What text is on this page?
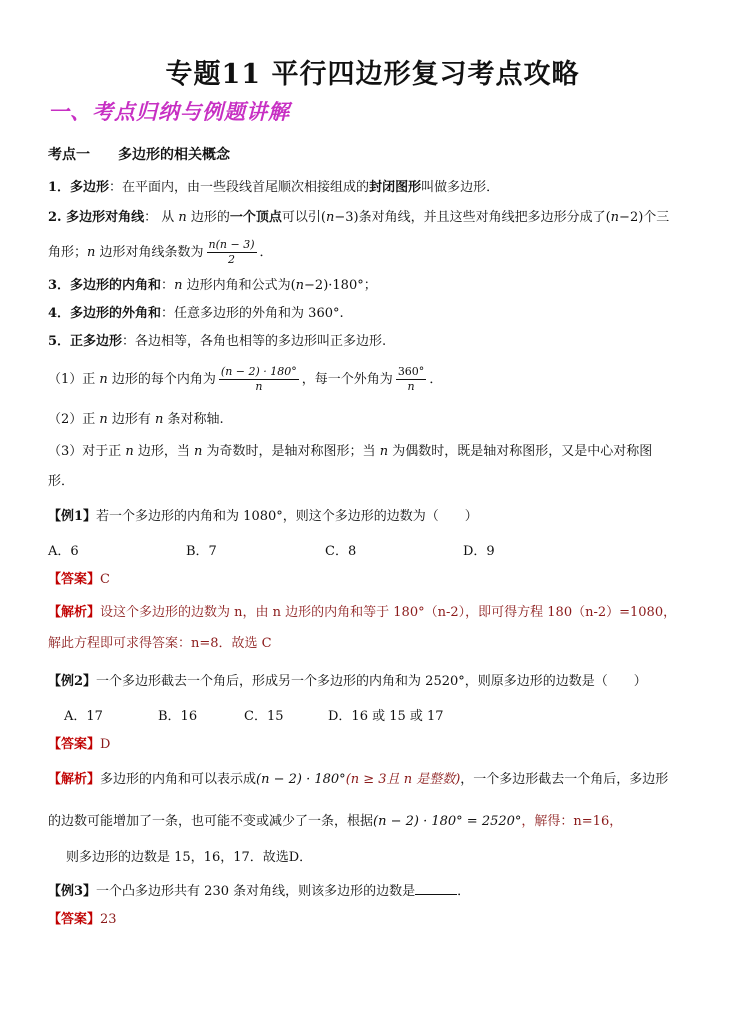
专题11 平行四边形复习考点攻略
一、考点归纳与例题讲解
考点一 多边形的相关概念
1．多边形：在平面内，由一些段线首尾顺次相接组成的封闭图形叫做多边形．
2. 多边形对角线： 从 n 边形的一个顶点可以引(n−3)条对角线，并且这些对角线把多边形分成了(n−2)个三
角形；n 边形对角线条数为 $\frac{n(n - 3)}{2}$ ．
3．多边形的内角和：n 边形内角和公式为(n−2)·180°；
4．多边形的外角和：任意多边形的外角和为 360°.
5．正多边形：各边相等，各角也相等的多边形叫正多边形.
（1）正 n 边形的每个内角为 $\frac{(n - 2) \cdot 180^\circ}{n}$ ，每一个外角为 $\frac{360^\circ}{n}$ ．
（2）正 n 边形有 n 条对称轴.
（3）对于正 n 边形，当 n 为奇数时，是轴对称图形；当 n 为偶数时，既是轴对称图形，又是中心对称图
形．
【例1】若一个多边形的内角和为 1080°，则这个多边形的边数为（　　）
A．6	B．7	C．8	D．9
【答案】C
【解析】设这个多边形的边数为 n，由 n 边形的内角和等于 180°（n-2），即可得方程 180（n-2）=1080，
解此方程即可求得答案：n=8．故选 C
【例2】一个多边形截去一个角后，形成另一个多边形的内角和为 2520°，则原多边形的边数是（　　）
A．17	B．16	C．15	D．16 或 15 或 17
【答案】D
【解析】多边形的内角和可以表示成(n − 2) · 180°(n ≥ 3且 n 是整数)，一个多边形截去一个角后，多边形
的边数可能增加了一条，也可能不变或减少了一条，根据(n − 2) · 180° = 2520°，解得：n=16，
则多边形的边数是 15，16，17．故选D．
【例3】一个凸多边形共有 230 条对角线，则该多边形的边数是	．
【答案】23
